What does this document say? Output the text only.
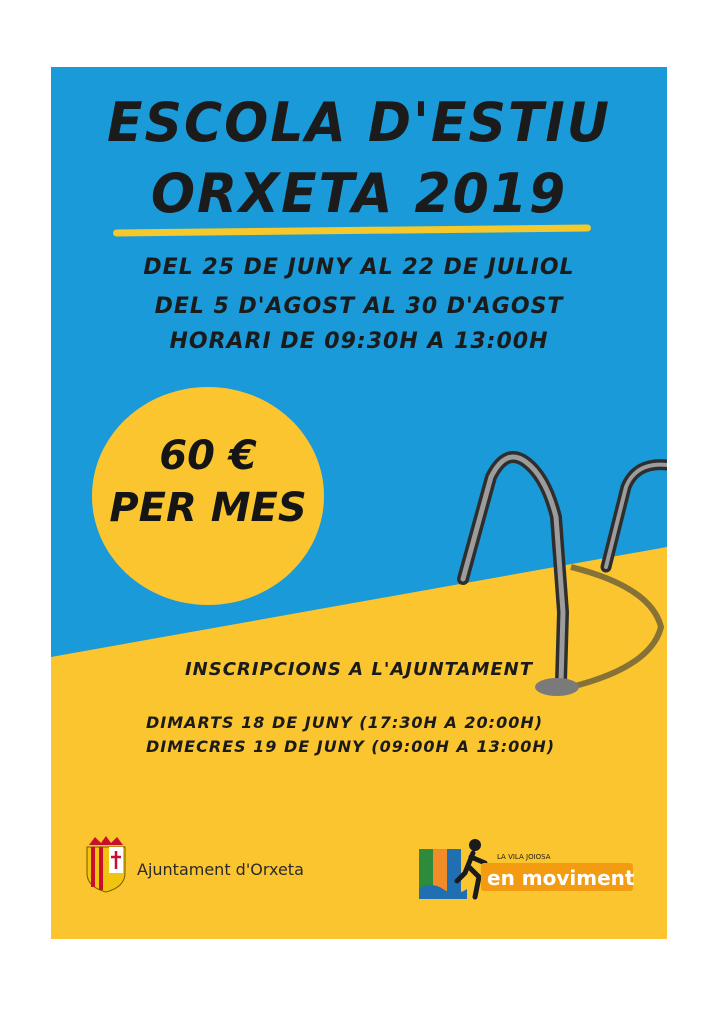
ESCOLA D'ESTIU
ORXETA 2019
DEL 25 DE JUNY AL 22 DE JULIOL
DEL 5 D'AGOST AL 30 D'AGOST
HORARI DE 09:30H A 13:00H
60 €
PER MES
INSCRIPCIONS A L'AJUNTAMENT
DIMARTS 18 DE JUNY (17:30H A 20:00H)
DIMECRES 19 DE JUNY (09:00H A 13:00H)
Ajuntament d'Orxeta
LA VILA JOIOSA
en moviment
